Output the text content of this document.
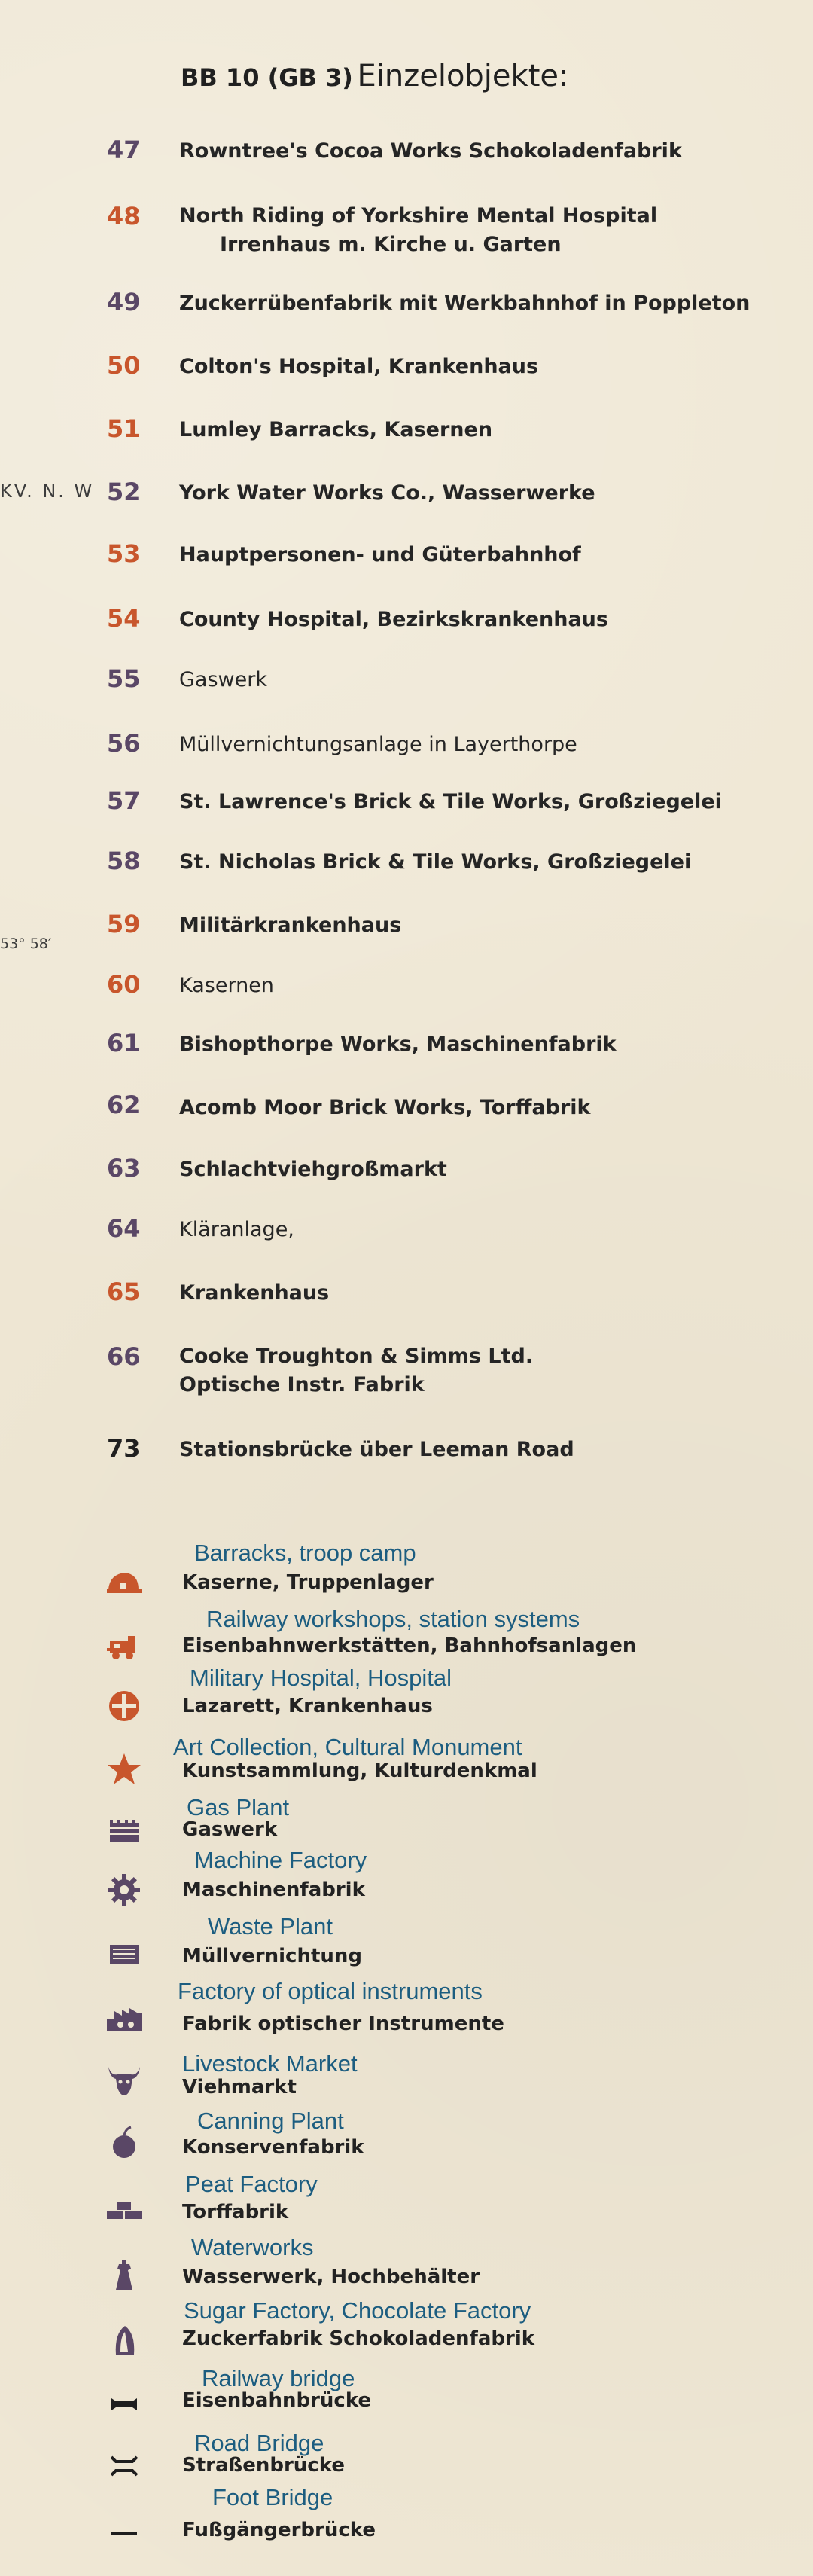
BB 10 (GB 3) Einzelobjekte:
KV. N. W
53° 58′
47 Rowntree's Cocoa Works Schokoladenfabrik
48 North Riding of Yorkshire Mental Hospital
Irrenhaus m. Kirche u. Garten
49 Zuckerrübenfabrik mit Werkbahnhof in Poppleton
50 Colton's Hospital, Krankenhaus
51 Lumley Barracks, Kasernen
52 York Water Works Co., Wasserwerke
53 Hauptpersonen- und Güterbahnhof
54 County Hospital, Bezirkskrankenhaus
55 Gaswerk
56 Müllvernichtungsanlage in Layerthorpe
57 St. Lawrence's Brick & Tile Works, Großziegelei
58 St. Nicholas Brick & Tile Works, Großziegelei
59 Militärkrankenhaus
60 Kasernen
61 Bishopthorpe Works, Maschinenfabrik
62 Acomb Moor Brick Works, Torffabrik
63 Schlachtviehgroßmarkt
64 Kläranlage,
65 Krankenhaus
66 Cooke Troughton & Simms Ltd.
Optische Instr. Fabrik
73 Stationsbrücke über Leeman Road
Barracks, troop camp
Kaserne, Truppenlager
Railway workshops, station systems
Eisenbahnwerkstätten, Bahnhofsanlagen
Military Hospital, Hospital
Lazarett, Krankenhaus
Art Collection, Cultural Monument
Kunstsammlung, Kulturdenkmal
Gas Plant
Gaswerk
Machine Factory
Maschinenfabrik
Waste Plant
Müllvernichtung
Factory of optical instruments
Fabrik optischer Instrumente
Livestock Market
Viehmarkt
Canning Plant
Konservenfabrik
Peat Factory
Torffabrik
Waterworks
Wasserwerk, Hochbehälter
Sugar Factory, Chocolate Factory
Zuckerfabrik Schokoladenfabrik
Railway bridge
Eisenbahnbrücke
Road Bridge
Straßenbrücke
Foot Bridge
Fußgängerbrücke
